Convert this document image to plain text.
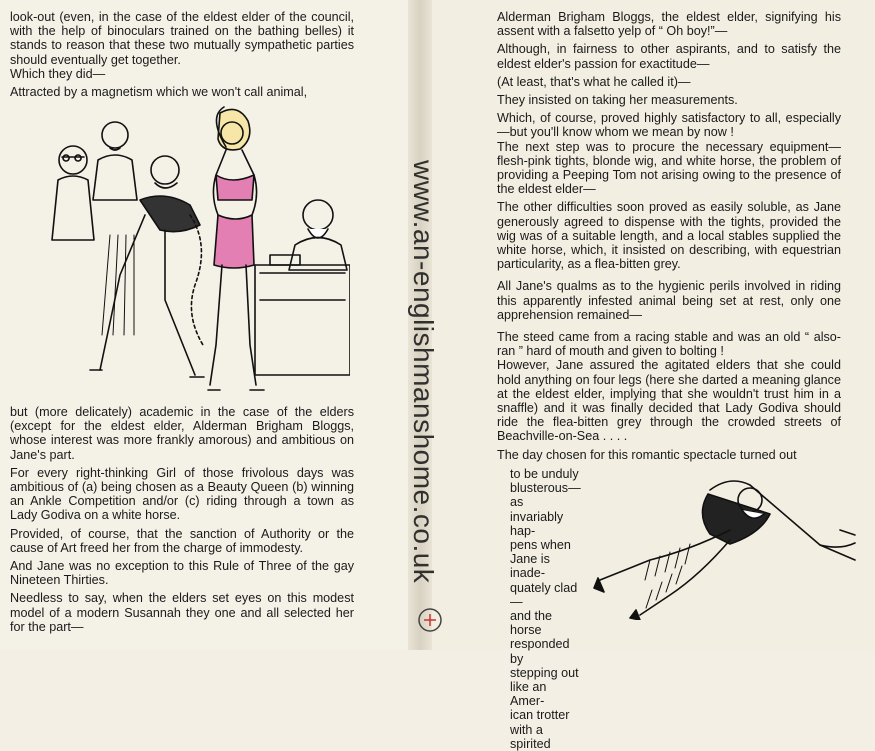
look-out (even, in the case of the eldest elder of the council, with the help of binoculars trained on the bathing belles) it stands to reason that these two mutually sympathetic parties should eventually get together.

Which they did—

Attracted by a magnetism which we won't call animal,

but (more delicately) academic in the case of the elders (except for the eldest elder, Alderman Brigham Bloggs, whose interest was more frankly amorous) and ambitious on Jane's part.

For every right-thinking Girl of those frivolous days was ambitious of (a) being chosen as a Beauty Queen (b) winning an Ankle Competition and/or (c) riding through a town as Lady Godiva on a white horse.

Provided, of course, that the sanction of Authority or the cause of Art freed her from the charge of immodesty.

And Jane was no exception to this Rule of Three of the gay Nineteen Thirties.

Needless to say, when the elders set eyes on this modest model of a modern Susannah they one and all selected her for the part—

www.an-englishmanshome.co.uk

Alderman Brigham Bloggs, the eldest elder, signifying his assent with a falsetto yelp of “ Oh boy!”—

Although, in fairness to other aspirants, and to satisfy the eldest elder's passion for exactitude—

(At least, that's what he called it)—

They insisted on taking her measurements.

Which, of course, proved highly satisfactory to all, especially—but you'll know whom we mean by now !

The next step was to procure the necessary equipment—flesh-pink tights, blonde wig, and white horse, the problem of providing a Peeping Tom not arising owing to the presence of the eldest elder—

The other difficulties soon proved as easily soluble, as Jane generously agreed to dispense with the tights, provided the wig was of a suitable length, and a local stables supplied the white horse, which, it insisted on describing, with equestrian particularity, as a flea-bitten grey.

All Jane's qualms as to the hygienic perils involved in riding this apparently infested animal being set at rest, only one apprehension remained—

The steed came from a racing stable and was an old “ also-ran ” hard of mouth and given to bolting !

However, Jane assured the agitated elders that she could hold anything on four legs (here she darted a meaning glance at the eldest elder, implying that she wouldn't trust him in a snaffle) and it was finally decided that Lady Godiva should ride the flea-bitten grey through the crowded streets of Beachville-on-Sea . . . .

The day chosen for this romantic spectacle turned out

to be unduly

blusterous—as

invariably hap-

pens when

Jane is inade-

quately clad—

and the horse

responded by

stepping out

like an Amer-

ican trotter

with a spirited
